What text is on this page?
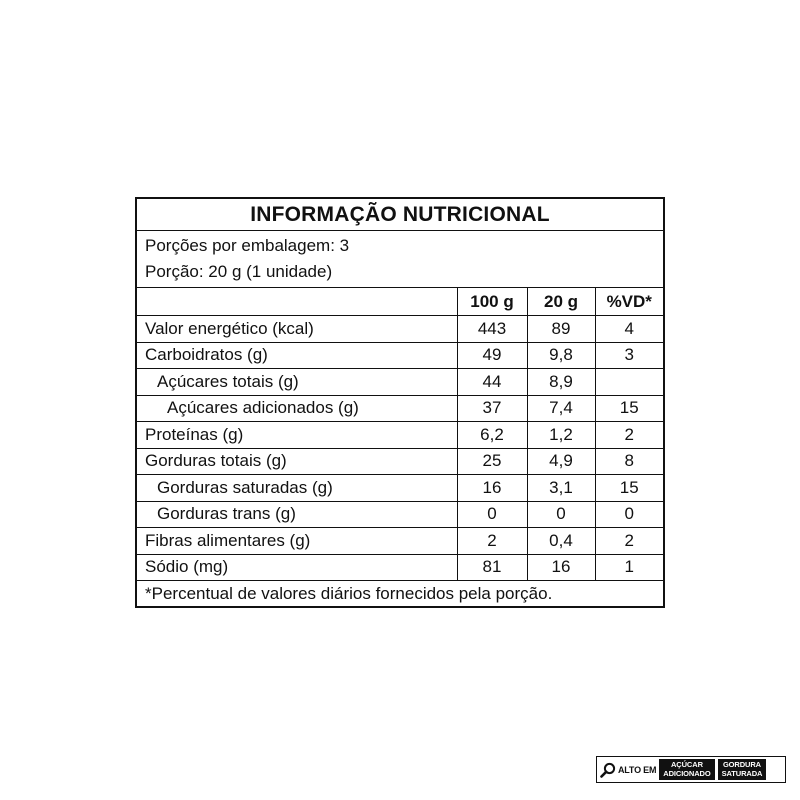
INFORMAÇÃO NUTRICIONAL
Porções por embalagem: 3
Porção: 20 g (1 unidade)
	100 g	20 g	%VD*
Valor energético (kcal)	443	89	4
Carboidratos (g)	49	9,8	3
Açúcares totais (g)	44	8,9	
Açúcares adicionados (g)	37	7,4	15
Proteínas (g)	6,2	1,2	2
Gorduras totais (g)	25	4,9	8
Gorduras saturadas (g)	16	3,1	15
Gorduras trans (g)	0	0	0
Fibras alimentares (g)	2	0,4	2
Sódio (mg)	81	16	1
*Percentual de valores diários fornecidos pela porção.
ALTO EM AÇÚCAR
ADICIONADO
GORDURA
SATURADA
